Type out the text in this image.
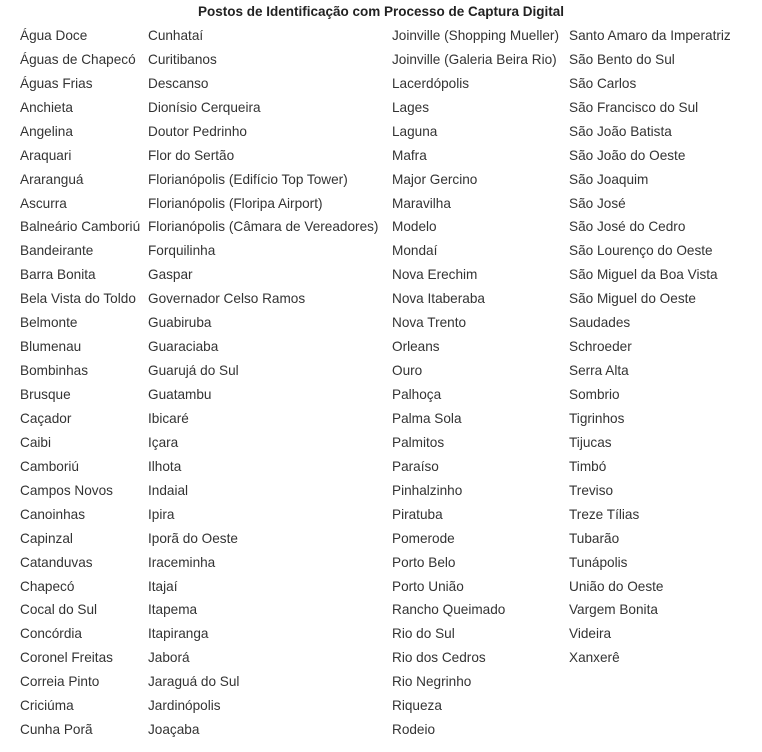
Postos de Identificação com Processo de Captura Digital
Água Doce	Cunhataí	Joinville (Shopping Mueller)	Santo Amaro da Imperatriz
Águas de Chapecó	Curitibanos	Joinville (Galeria Beira Rio)	São Bento do Sul
Águas Frias	Descanso	Lacerdópolis	São Carlos
Anchieta	Dionísio Cerqueira	Lages	São Francisco do Sul
Angelina	Doutor Pedrinho	Laguna	São João Batista
Araquari	Flor do Sertão	Mafra	São João do Oeste
Araranguá	Florianópolis (Edifício Top Tower)	Major Gercino	São Joaquim
Ascurra	Florianópolis (Floripa Airport)	Maravilha	São José
Balneário Camboriú	Florianópolis (Câmara de Vereadores)	Modelo	São José do Cedro
Bandeirante	Forquilinha	Mondaí	São Lourenço do Oeste
Barra Bonita	Gaspar	Nova Erechim	São Miguel da Boa Vista
Bela Vista do Toldo	Governador Celso Ramos	Nova Itaberaba	São Miguel do Oeste
Belmonte	Guabiruba	Nova Trento	Saudades
Blumenau	Guaraciaba	Orleans	Schroeder
Bombinhas	Guarujá do Sul	Ouro	Serra Alta
Brusque	Guatambu	Palhoça	Sombrio
Caçador	Ibicaré	Palma Sola	Tigrinhos
Caibi	Içara	Palmitos	Tijucas
Camboriú	Ilhota	Paraíso	Timbó
Campos Novos	Indaial	Pinhalzinho	Treviso
Canoinhas	Ipira	Piratuba	Treze Tílias
Capinzal	Iporã do Oeste	Pomerode	Tubarão
Catanduvas	Iraceminha	Porto Belo	Tunápolis
Chapecó	Itajaí	Porto União	União do Oeste
Cocal do Sul	Itapema	Rancho Queimado	Vargem Bonita
Concórdia	Itapiranga	Rio do Sul	Videira
Coronel Freitas	Jaborá	Rio dos Cedros	Xanxerê
Correia Pinto	Jaraguá do Sul	Rio Negrinho	
Criciúma	Jardinópolis	Riqueza	
Cunha Porã	Joaçaba	Rodeio	
